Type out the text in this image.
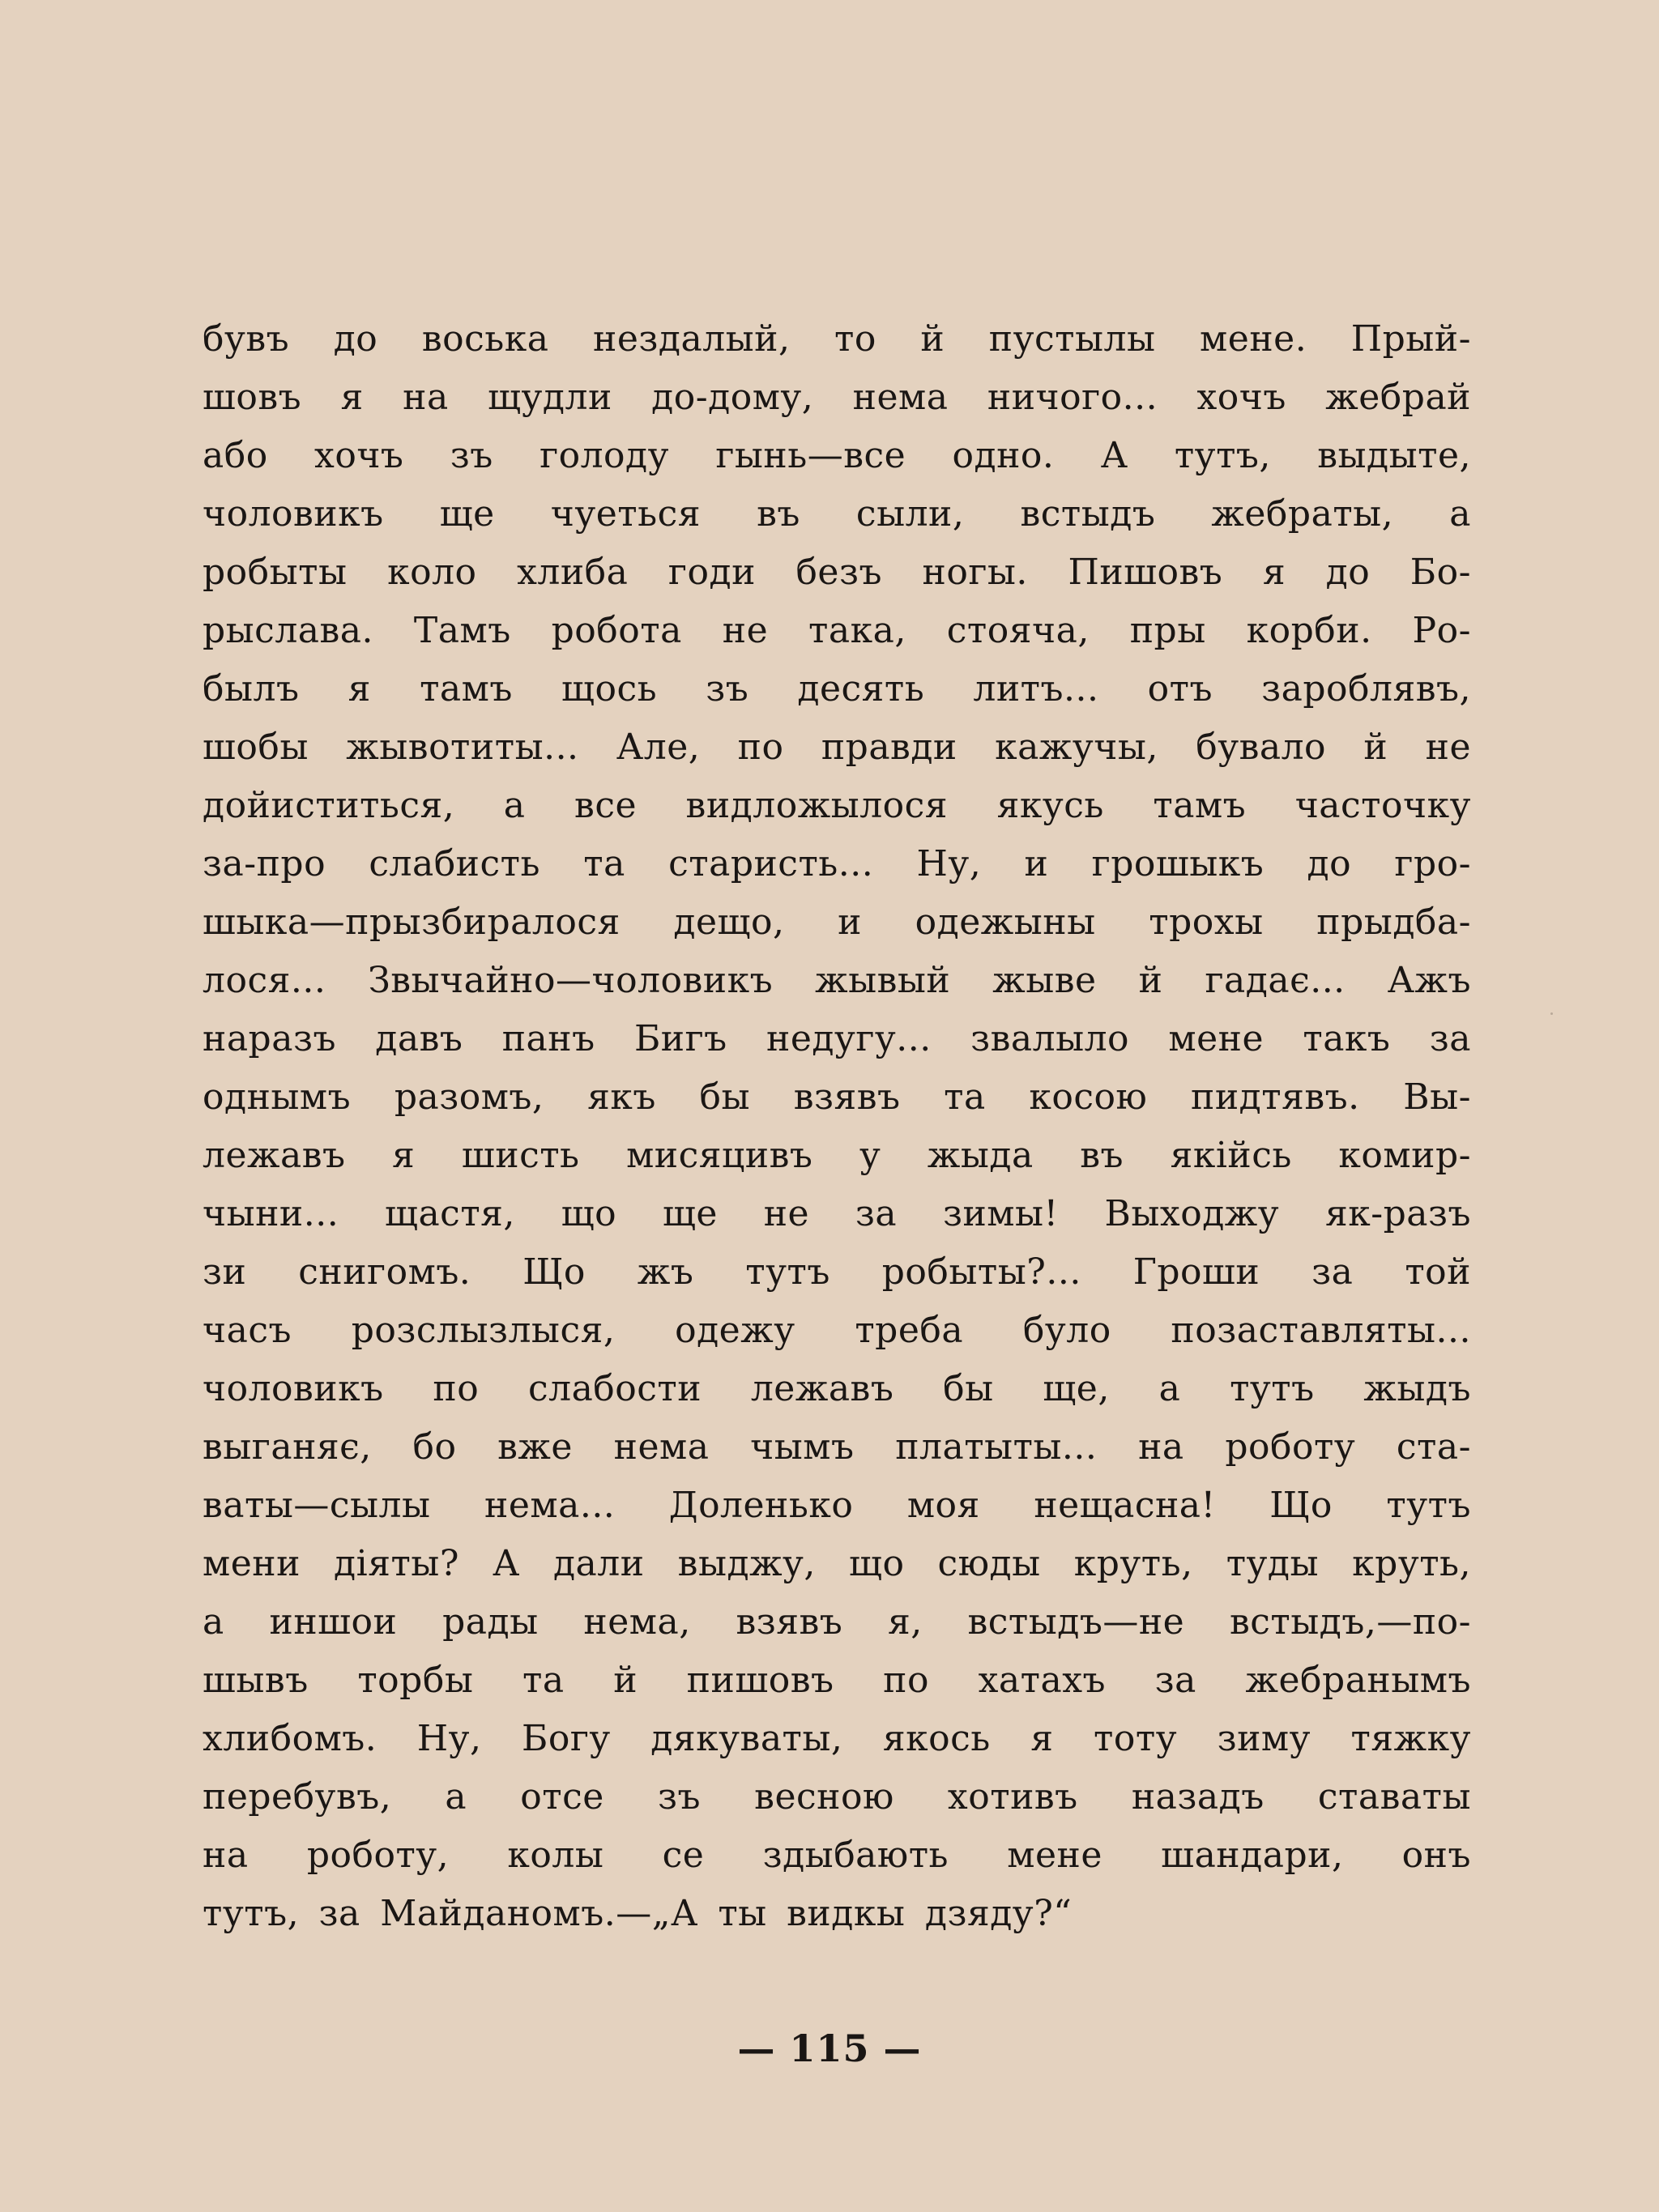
бувъ до воська нездалый, то й пустылы мене. Прый-
шовъ я на щудли до-дому, нема ничого... хочъ жебрай
або хочъ зъ голоду гынь—все одно. А тутъ, выдыте,
чоловикъ ще чуеться въ сыли, встыдъ жебраты, а
робыты коло хлиба годи безъ ногы. Пишовъ я до Бо-
рыслава. Тамъ робота не така, стояча, пры корби. Ро-
былъ я тамъ щось зъ десять литъ... отъ зароблявъ,
шобы жывотиты... Але, по правди кажучы, бувало й не
дойиститься, а все видложылося якусь тамъ часточку
за-про слабисть та старисть... Ну, и грошыкъ до гро-
шыка—прызбиралося дещо, и одежыны трохы прыдба-
лося... Звычайно—чоловикъ жывый жыве й гадає... Ажъ
наразъ давъ панъ Бигъ недугу... звалыло мене такъ за
однымъ разомъ, якъ бы взявъ та косою пидтявъ. Вы-
лежавъ я шисть мисяцивъ у жыда въ якійсь комир-
чыни... щастя, що ще не за зимы! Выходжу як-разъ
зи снигомъ. Що жъ тутъ робыты?... Гроши за той
часъ розслызлыся, одежу треба було позаставляты...
чоловикъ по слабости лежавъ бы ще, а тутъ жыдъ
выганяє, бо вже нема чымъ платыты... на роботу ста-
ваты—сылы нема... Доленько моя нещасна! Що тутъ
мени діяты? А дали выджу, що сюды круть, туды круть,
а иншои рады нема, взявъ я, встыдъ—не встыдъ,—по-
шывъ торбы та й пишовъ по хатахъ за жебранымъ
хлибомъ. Ну, Богу дякуваты, якось я тоту зиму тяжку
перебувъ, а отсе зъ весною хотивъ назадъ ставаты
на роботу, колы се здыбають мене шандари, онъ
тутъ, за Майданомъ.—„А ты видкы дзяду?“
— 115 —
